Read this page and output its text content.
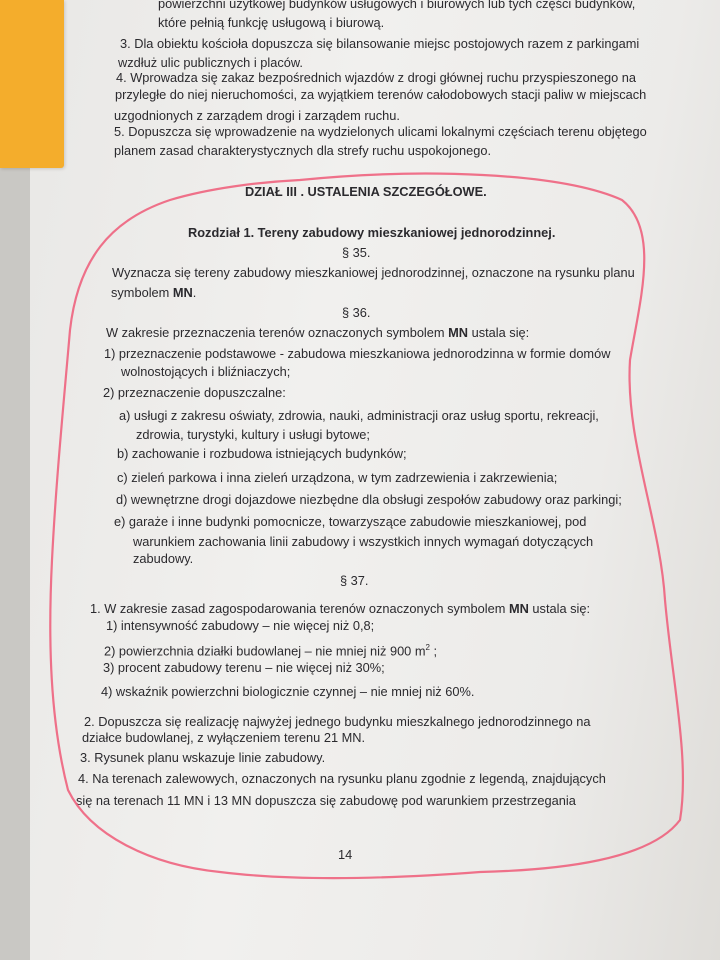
powierzchni użytkowej budynków usługowych i biurowych lub tych części budynków,
które pełnią funkcję usługową i biurową.
3. Dla obiektu kościoła dopuszcza się bilansowanie miejsc postojowych razem z parkingami
wzdłuż ulic publicznych i placów.
4. Wprowadza się zakaz bezpośrednich wjazdów z drogi głównej ruchu przyspieszonego na
przyległe do niej nieruchomości, za wyjątkiem terenów całodobowych stacji paliw w miejscach
uzgodnionych z zarządem drogi i zarządem ruchu.
5. Dopuszcza się wprowadzenie na wydzielonych ulicami lokalnymi częściach terenu objętego
planem zasad charakterystycznych dla strefy ruchu uspokojonego.
DZIAŁ III . USTALENIA SZCZEGÓŁOWE.
Rozdział 1. Tereny zabudowy mieszkaniowej jednorodzinnej.
§ 35.
Wyznacza się tereny zabudowy mieszkaniowej jednorodzinnej, oznaczone na rysunku planu
symbolem MN.
§ 36.
W zakresie przeznaczenia terenów oznaczonych symbolem MN ustala się:
1) przeznaczenie podstawowe - zabudowa mieszkaniowa jednorodzinna w formie domów
wolnostojących i bliźniaczych;
2) przeznaczenie dopuszczalne:
a) usługi z zakresu oświaty, zdrowia, nauki, administracji oraz usług sportu, rekreacji,
zdrowia, turystyki, kultury i usługi bytowe;
b) zachowanie i rozbudowa istniejących budynków;
c) zieleń parkowa i inna zieleń urządzona, w tym zadrzewienia i zakrzewienia;
d) wewnętrzne drogi dojazdowe niezbędne dla obsługi zespołów zabudowy oraz parkingi;
e) garaże i inne budynki pomocnicze, towarzyszące zabudowie mieszkaniowej, pod
warunkiem zachowania linii zabudowy i wszystkich innych wymagań dotyczących
zabudowy.
§ 37.
1. W zakresie zasad zagospodarowania terenów oznaczonych symbolem MN ustala się:
1) intensywność zabudowy – nie więcej niż 0,8;
2) powierzchnia działki budowlanej – nie mniej niż 900 $m^2$ ;
3) procent zabudowy terenu – nie więcej niż 30%;
4) wskaźnik powierzchni biologicznie czynnej – nie mniej niż 60%.
2. Dopuszcza się realizację najwyżej jednego budynku mieszkalnego jednorodzinnego na
działce budowlanej, z wyłączeniem terenu 21 MN.
3. Rysunek planu wskazuje linie zabudowy.
4. Na terenach zalewowych, oznaczonych na rysunku planu zgodnie z legendą, znajdujących
się na terenach 11 MN i 13 MN dopuszcza się zabudowę pod warunkiem przestrzegania
14
